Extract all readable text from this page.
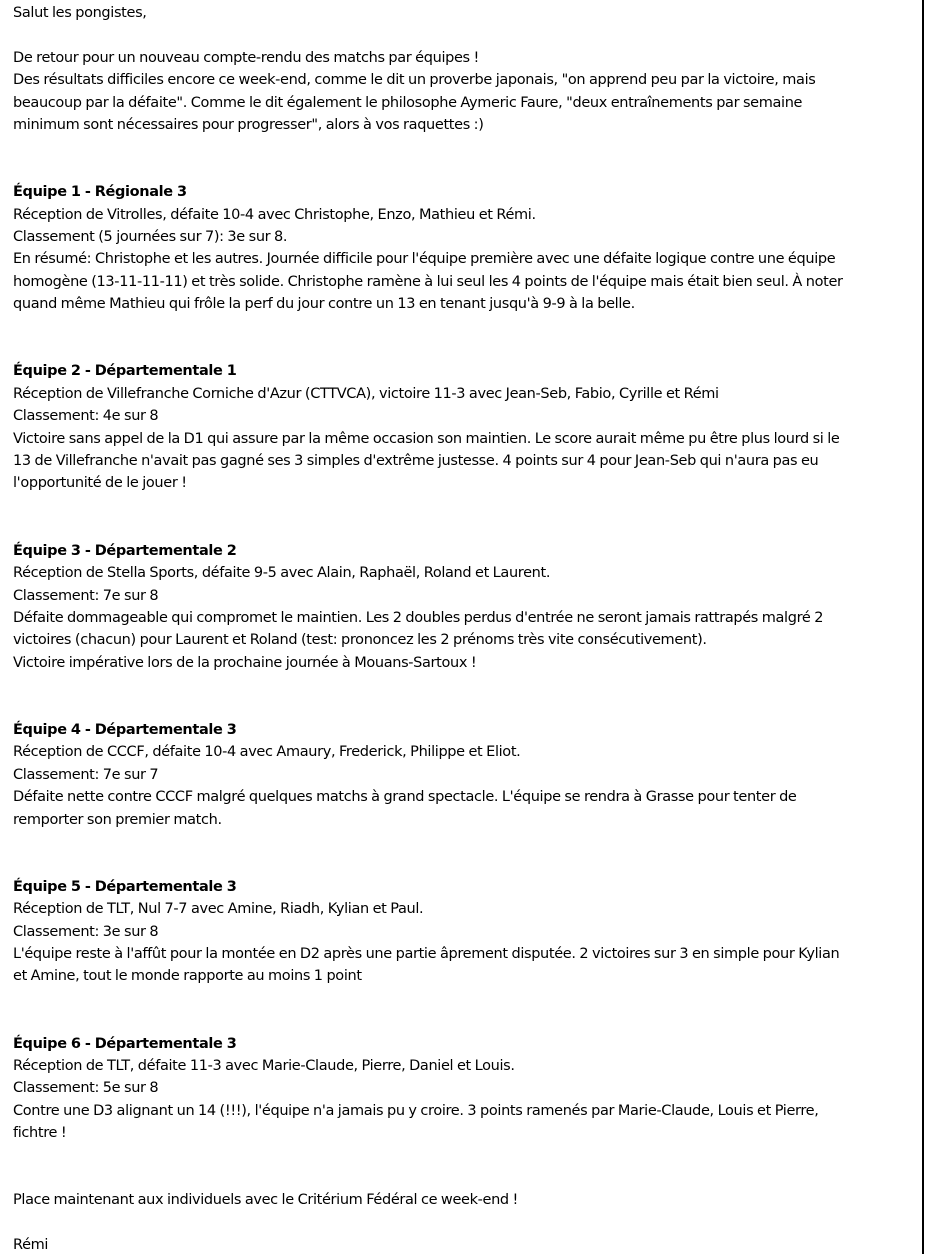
Salut les pongistes,

De retour pour un nouveau compte-rendu des matchs par équipes !

Des résultats difficiles encore ce week-end, comme le dit un proverbe japonais, "on apprend peu par la victoire, mais

beaucoup par la défaite". Comme le dit également le philosophe Aymeric Faure, "deux entraînements par semaine

minimum sont nécessaires pour progresser", alors à vos raquettes :)

Équipe 1 - Régionale 3

Réception de Vitrolles, défaite 10-4 avec Christophe, Enzo, Mathieu et Rémi.

Classement (5 journées sur 7): 3e sur 8.

En résumé: Christophe et les autres. Journée difficile pour l'équipe première avec une défaite logique contre une équipe

homogène (13-11-11-11) et très solide. Christophe ramène à lui seul les 4 points de l'équipe mais était bien seul. À noter

quand même Mathieu qui frôle la perf du jour contre un 13 en tenant jusqu'à 9-9 à la belle.

Équipe 2 - Départementale 1

Réception de Villefranche Corniche d'Azur (CTTVCA), victoire 11-3 avec Jean-Seb, Fabio, Cyrille et Rémi

Classement: 4e sur 8

Victoire sans appel de la D1 qui assure par la même occasion son maintien. Le score aurait même pu être plus lourd si le

13 de Villefranche n'avait pas gagné ses 3 simples d'extrême justesse. 4 points sur 4 pour Jean-Seb qui n'aura pas eu

l'opportunité de le jouer !

Équipe 3 - Départementale 2

Réception de Stella Sports, défaite 9-5 avec Alain, Raphaël, Roland et Laurent.

Classement: 7e sur 8

Défaite dommageable qui compromet le maintien. Les 2 doubles perdus d'entrée ne seront jamais rattrapés malgré 2

victoires (chacun) pour Laurent et Roland (test: prononcez les 2 prénoms très vite consécutivement).

Victoire impérative lors de la prochaine journée à Mouans-Sartoux !

Équipe 4 - Départementale 3

Réception de CCCF, défaite 10-4 avec Amaury, Frederick, Philippe et Eliot.

Classement: 7e sur 7

Défaite nette contre CCCF malgré quelques matchs à grand spectacle. L'équipe se rendra à Grasse pour tenter de

remporter son premier match.

Équipe 5 - Départementale 3

Réception de TLT, Nul 7-7 avec Amine, Riadh, Kylian et Paul.

Classement: 3e sur 8

L'équipe reste à l'affût pour la montée en D2 après une partie âprement disputée. 2 victoires sur 3 en simple pour Kylian

et Amine, tout le monde rapporte au moins 1 point

Équipe 6 - Départementale 3

Réception de TLT, défaite 11-3 avec Marie-Claude, Pierre, Daniel et Louis.

Classement: 5e sur 8

Contre une D3 alignant un 14 (!!!), l'équipe n'a jamais pu y croire. 3 points ramenés par Marie-Claude, Louis et Pierre,

fichtre !

Place maintenant aux individuels avec le Critérium Fédéral ce week-end !

Rémi
